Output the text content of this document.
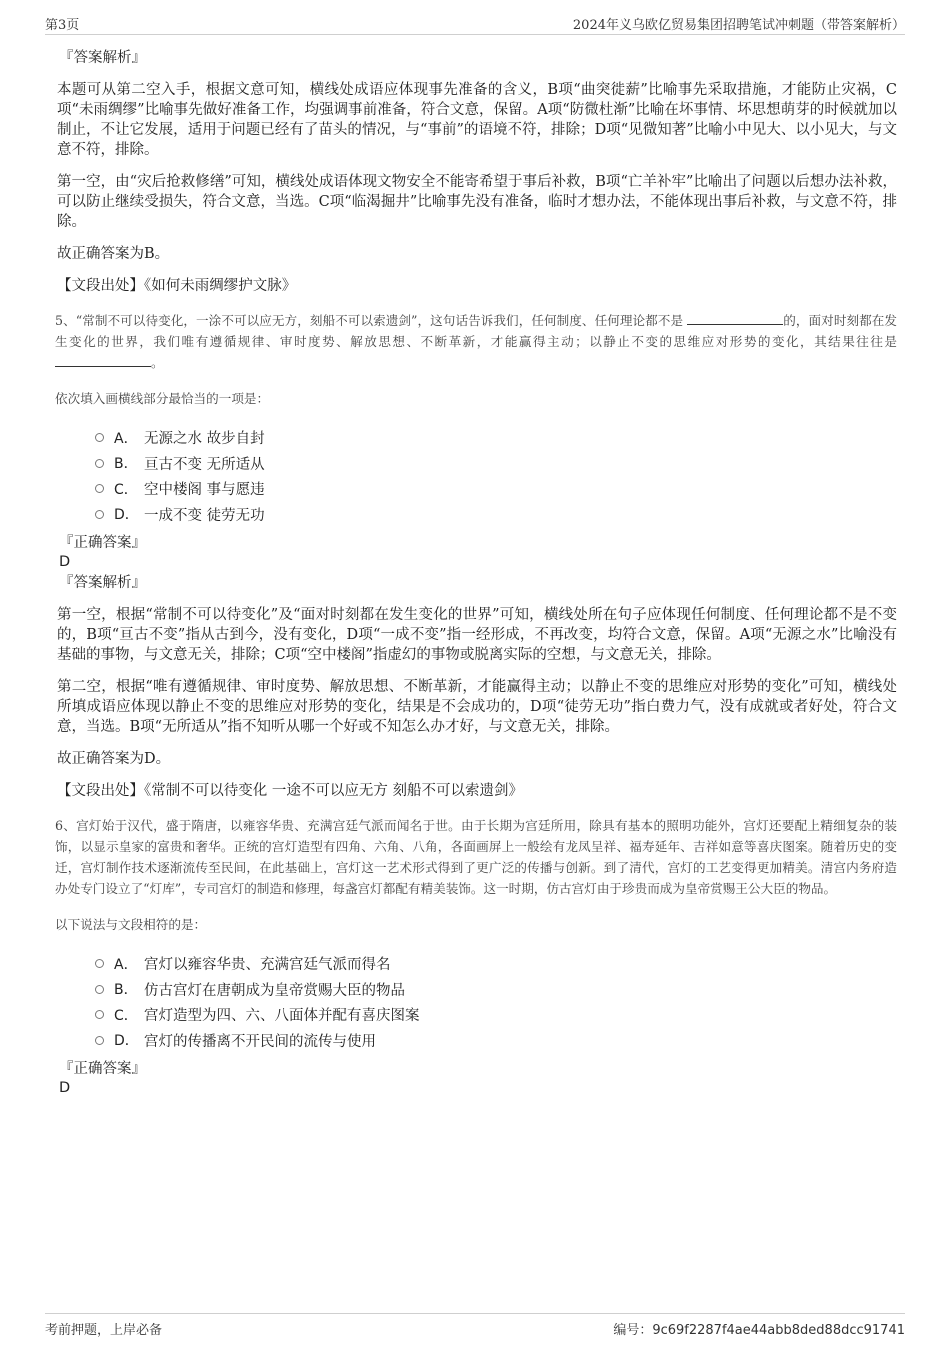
第3页	2024年义乌欧亿贸易集团招聘笔试冲刺题（带答案解析）
『答案解析』

本题可从第二空入手，根据文意可知，横线处成语应体现事先准备的含义，B项“曲突徙薪”比喻事先采取措施，才能防止灾祸，C项“未雨绸缪”比喻事先做好准备工作，均强调事前准备，符合文意，保留。A项“防微杜渐”比喻在坏事情、坏思想萌芽的时候就加以制止，不让它发展，适用于问题已经有了苗头的情况，与“事前”的语境不符，排除；D项“见微知著”比喻小中见大、以小见大，与文意不符，排除。

第一空，由“灾后抢救修缮”可知，横线处成语体现文物安全不能寄希望于事后补救，B项“亡羊补牢”比喻出了问题以后想办法补救，可以防止继续受损失，符合文意，当选。C项“临渴掘井”比喻事先没有准备，临时才想办法，不能体现出事后补救，与文意不符，排除。

故正确答案为B。

【文段出处】《如何未雨绸缪护文脉》

5、“常制不可以待变化，一涂不可以应无方，刻船不可以索遗剑”，这句话告诉我们，任何制度、任何理论都不是	的，面对时刻都在发生变化的世界，我们唯有遵循规律、审时度势、解放思想、不断革新，才能赢得主动；以静止不变的思维应对形势的变化，其结果往往是 。

依次填入画横线部分最恰当的一项是：
A． 无源之水 故步自封
B． 亘古不变 无所适从
C． 空中楼阁 事与愿违
D． 一成不变 徒劳无功
『正确答案』
D
『答案解析』

第一空，根据“常制不可以待变化”及“面对时刻都在发生变化的世界”可知，横线处所在句子应体现任何制度、任何理论都不是不变的，B项“亘古不变”指从古到今，没有变化，D项“一成不变”指一经形成，不再改变，均符合文意，保留。A项“无源之水”比喻没有基础的事物，与文意无关，排除；C项“空中楼阁”指虚幻的事物或脱离实际的空想，与文意无关，排除。

第二空，根据“唯有遵循规律、审时度势、解放思想、不断革新，才能赢得主动；以静止不变的思维应对形势的变化”可知，横线处所填成语应体现以静止不变的思维应对形势的变化，结果是不会成功的，D项“徒劳无功”指白费力气，没有成就或者好处，符合文意，当选。B项“无所适从”指不知听从哪一个好或不知怎么办才好，与文意无关，排除。

故正确答案为D。

【文段出处】《常制不可以待变化 一途不可以应无方 刻船不可以索遗剑》

6、宫灯始于汉代，盛于隋唐，以雍容华贵、充满宫廷气派而闻名于世。由于长期为宫廷所用，除具有基本的照明功能外，宫灯还要配上精细复杂的装饰，以显示皇家的富贵和奢华。正统的宫灯造型有四角、六角、八角，各面画屏上一般绘有龙凤呈祥、福寿延年、吉祥如意等喜庆图案。随着历史的变迁，宫灯制作技术逐渐流传至民间，在此基础上，宫灯这一艺术形式得到了更广泛的传播与创新。到了清代，宫灯的工艺变得更加精美。清宫内务府造办处专门设立了“灯库”，专司宫灯的制造和修理，每盏宫灯都配有精美装饰。这一时期，仿古宫灯由于珍贵而成为皇帝赏赐王公大臣的物品。

以下说法与文段相符的是：
A． 宫灯以雍容华贵、充满宫廷气派而得名
B． 仿古宫灯在唐朝成为皇帝赏赐大臣的物品
C． 宫灯造型为四、六、八面体并配有喜庆图案
D． 宫灯的传播离不开民间的流传与使用
『正确答案』
D
考前押题，上岸必备	编号：9c69f2287f4ae44abb8ded88dcc91741
